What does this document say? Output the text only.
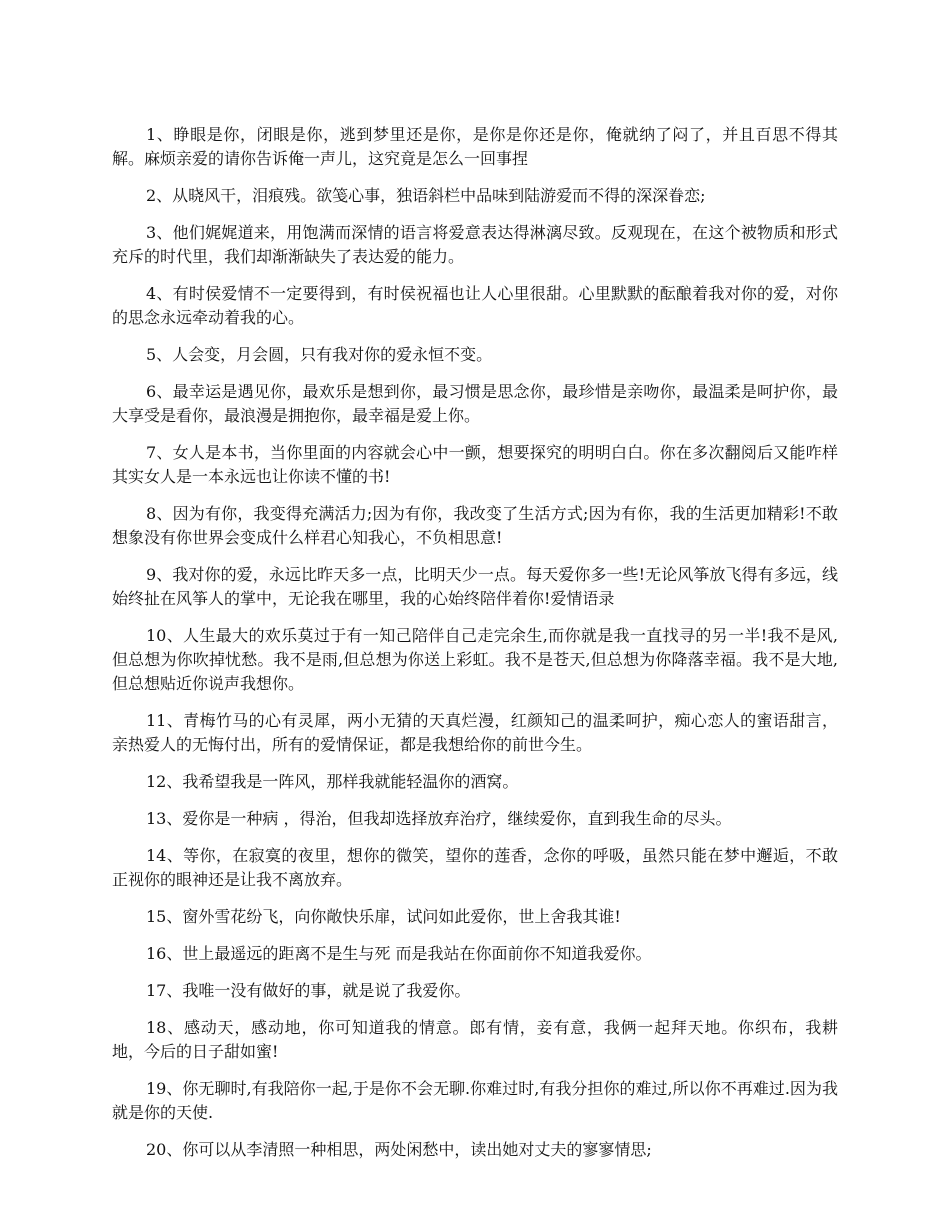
1、睁眼是你，闭眼是你，逃到梦里还是你，是你是你还是你，俺就纳了闷了，并且百思不得其解。麻烦亲爱的请你告诉俺一声儿，这究竟是怎么一回事捏

2、从晓风干，泪痕残。欲笺心事，独语斜栏中品味到陆游爱而不得的深深眷恋;

3、他们娓娓道来，用饱满而深情的语言将爱意表达得淋漓尽致。反观现在，在这个被物质和形式充斥的时代里，我们却渐渐缺失了表达爱的能力。

4、有时侯爱情不一定要得到，有时侯祝福也让人心里很甜。心里默默的酝酿着我对你的爱，对你的思念永远牵动着我的心。

5、人会变，月会圆，只有我对你的爱永恒不变。

6、最幸运是遇见你，最欢乐是想到你，最习惯是思念你，最珍惜是亲吻你，最温柔是呵护你，最大享受是看你，最浪漫是拥抱你，最幸福是爱上你。

7、女人是本书，当你里面的内容就会心中一颤，想要探究的明明白白。你在多次翻阅后又能咋样其实女人是一本永远也让你读不懂的书!

8、因为有你，我变得充满活力;因为有你，我改变了生活方式;因为有你，我的生活更加精彩!不敢想象没有你世界会变成什么样君心知我心，不负相思意!

9、我对你的爱，永远比昨天多一点，比明天少一点。每天爱你多一些!无论风筝放飞得有多远，线始终扯在风筝人的掌中，无论我在哪里，我的心始终陪伴着你!爱情语录

10、人生最大的欢乐莫过于有一知己陪伴自己走完余生,而你就是我一直找寻的另一半!我不是风,但总想为你吹掉忧愁。我不是雨,但总想为你送上彩虹。我不是苍天,但总想为你降落幸福。我不是大地,但总想贴近你说声我想你。

11、青梅竹马的心有灵犀，两小无猜的天真烂漫，红颜知己的温柔呵护，痴心恋人的蜜语甜言，亲热爱人的无悔付出，所有的爱情保证，都是我想给你的前世今生。

12、我希望我是一阵风，那样我就能轻温你的酒窝。

13、爱你是一种病 ，得治，但我却选择放弃治疗，继续爱你，直到我生命的尽头。

14、等你，在寂寞的夜里，想你的微笑，望你的莲香，念你的呼吸，虽然只能在梦中邂逅，不敢正视你的眼神还是让我不离放弃。

15、窗外雪花纷飞，向你敞快乐扉，试问如此爱你，世上舍我其谁!

16、世上最遥远的距离不是生与死 而是我站在你面前你不知道我爱你。

17、我唯一没有做好的事，就是说了我爱你。

18、感动天，感动地，你可知道我的情意。郎有情，妾有意，我俩一起拜天地。你织布，我耕地，今后的日子甜如蜜!

19、你无聊时,有我陪你一起,于是你不会无聊.你难过时,有我分担你的难过,所以你不再难过.因为我就是你的天使.

20、你可以从李清照一种相思，两处闲愁中，读出她对丈夫的寥寥情思;
